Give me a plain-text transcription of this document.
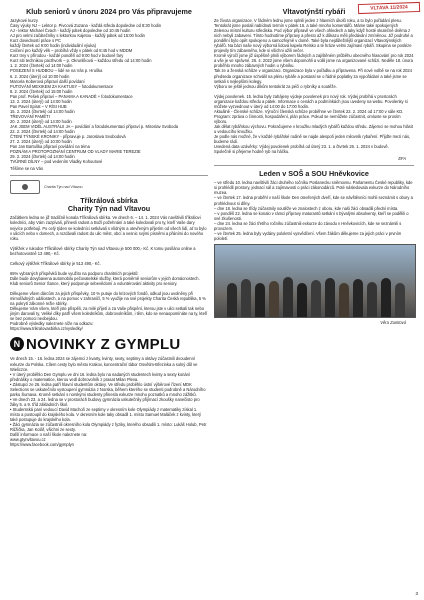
VLTAVA 11/2024
Klub seniorů v únoru 2024 pro Vás připravujeme
Jazykové kurzy
Časy výuky NJ – Lektor p. Pivcová Zuzana - každá středa dopoledne od 8:30 hodin
AJ - lektor Michael Čvach - každý pátek dopoledne od 10:45 hodin
AJ pro velmi začátečníky s lektorkou Kajetou - každý pátek od 15:00 hodin
Kurz dovedností práce s PC
každý čtvrtek od 9:00 hodin (individuální výuka)
Cvičení pro každý věk – probíhá vždy v pátek od 8:45 hod v MDDM
Kurz trvy v přírodou - každé pondělí od 9:00 hod v budově fary
Kurz siti technikou pacthvork – p. Okrunlíková – každou středu od 14:00 hodin
1. 2. 2024 (čtvrtek) od 14:00 hodin
POSEZENÍ S HUDBOU – lidé se na Vás p. Hruška
6. 2. 2024 (úterý) od 10:00 hodin
Marcela Koberová připraví další povídaní
PUTOVÁNÍ MEXIKEM ZA KAKTUSY – fotodokumentace
8. 2. 2024 (čtvrtek) od 15:00 hodin
Pan prof. Pešek připraví – PANAMA A KANADĚ + fotodokumentace
13. 2. 2024 (úterý) od 14:00 hodin
Pan Pavel Spirat – V RÍSI HUB
15. 2. 2024 (čtvrtek) od 14:00 hodin
TŘEVOVÁNÍ PAMĚTI
20. 2. 2024 (úterý) od 14:00 hodin
JAK JSEM VIDĚL AUSTRÁLII JA – povídání a fotodokumentaci připraví p. Miroslav Svoboda
22. 2. 2024 (čtvrtek) od 14:00 hodin
ČTENÍ TÝNSKÉ KRONIKY - připravuje p. Jaroslava Svobodová
27. 2. 2024 (úterý) od 10:00 hodin
Pan Jan Bartuška připraví povídání na téma
POZNÁM A PROTOPOZNÁNÍ CENTRUM OD VLADY MARIE TEREZIE
29. 2. 2024 (čtvrtek) od 14:00 hodin
TVÜRNÉ DÍLNY – pod vedením Vladky Kohoutové
Těšíme se na Vás
Charita Týn nad Vltavou
Tříkrálová sbírka
Charity Týn nad Vltavou
Začátkem ledna se již tradičně konala Tříkrálová sbírka. Ve dnech 6. – 14. 1. 2024 Vás navštívili tříkrálovi koledníci, aby Vám zazpívali, přinesli radost a Boží požehnání a také koledovali pro ty, kteří Vaše dary nejvíce potřebují. Po celý týden se koledníci setkávali s vlídným a otevřeným přijetím od všech lidí, ať to bylo v ulicích nebo v domech, a rozdávali radost do ulic měst, obcí a vesnic svými písněmi a přáními do nového roku.

Výtěžek v rukodce Tříkrálové sbírky Charity Týn nad Vltavou je 500 000,- Kč. K tomu posíláno online a bezhotovostně 13 490,- Kč.

Celkový výtěžek Tříkrálové sbírky je 513 490,- Kč.

65% vybraných příspěvků bude využito na podporu charitních projektů:
Dále bude dovybavena automobilu pečovatelské služby, která poměrně seniorům v jejich domácnostech.
Klub seniorů Senior Šance, který podporuje sebevědomí a voluntérování aktivity pro seniory.

Děkujeme všem dárcům za jejich příspěvky, 10 % putuje do krizových fondů, odkud jsou uvolněny při mimořádných událostech, a na pomoc v zahraničí, 5 % využije na své projekty Charita Česká republika, 5 % na pokrytí zákonné režie sbírky.
Děkujeme Vám všem, kteří jste přispěli, za milé přijetí a za Vaše přispění, kterou jste v ulici setkali tak nebo jiným darovali ty, Veliké díky patří všem koledníkům, dobrovolníkům, i těm, kdo se nenaopomínáte na ty, kteří se bez pomoci neobejdou.
Podrobně výsledky naleznete níže na odkazu:
https://www.trikralovasbirka.cz/vysledky/
N NOVINKY Z GYMPLU
Ve dnech 15. - 16. ledna 2024 se zájemci z kvarty, kvinty, sexty, septimy a oktávy zúčastnili dvoudenní exkurze do Polska. Cílem cesty bylo město Krakov, koncentrační tábor Osvětim-Březinka a solný důl ve Wieliczce.
• V úterý proběhlo Den Gymplu ve dni 16. ledna bylo na nadaných studentech kvinty a sexty konání přednášky o matematice, kterou vedl dobrovolník z prasat Milan Pleva.
• Zástupci ze 26. ledna patří hlavní studentům oktávy. Ve středu proběhlo ústní výběrové řízení MDK Selections se uskutečnilo vystoupení gymnázia z Norska, během kterého se studenti podrobně a Národního parku Šumava. Kromě setkání s norskými studenty přinesla exkurze mnoho poznatků a mnoho zážitků.
• Ve dnech 23. a 24. ledna se v prostorách budovy gymnázia uskutečnily přijímací zkoušky nanečisto pro žáky 5. a 9. tříd základních škol.
• Studentská paní vedoucí David Machoň ze septimy v okresním kole Olympiády z matematiky získal 1. místo a postoupil do krajského kola. V okresním kole taky obsadil 1. místo Samuel Maláček z kvinty, který také postupuje do krajského kola.
• Žáci gymnázia se zúčastnili okresního kola Olympiády z fyziky, kterého obsadili 1. místo: Lukáš Holub, Petr Růžička, Jan Kolář, všichni ze sexty.
Další informace o naší škole naleznete na:
www.gtynvltavou.cz
https://www.facebook.com/gymplyn
Vltavotýnští rybáři
Ze života organizace. V řádném lednu jsme splnili jeden z hlavních úkolů roku, a to bylo pořádání plesu. Tentokrát jsme poslali nabídnuti termín v pátek 16. a také mnoho komentářů. Máme také spokojených Zelenou místní kulturu střediska. Pod výbor připravil ve všech ohledech a taky když hosté skutečně dvěma z nich nebyli zabaveni. Tímto hodnotíme přípravy a přesto až k důkazu měli předávání zmíněnou. Již podruhé a pondělní bylo opět spokojeno a samozřejmě v domě. Také byla nejdůležitější organizací Vltavotýnských rybářů. Na bázi naše nový výborná lidová kapela Relsko a té hráze velmi zajímaví rybáři. Skupina se posléze projevily tím zábavného, kde si všichni užili večer.
Kromě výročí jsme již úspěšně plnili výborem řádných a zajištěném průběhu obecného hlasování pro rok 2024 a vše je ve správné. 26. 4. 2022 jsme všem dopomohli a volili jsme na organizované schůzi. Neděle 18. února proběhlo mnoho zábavných hodin u rybníku.
Tak ze a ženská schůze v organizaci. Organizace byla v pořádku a přípravena. Při nové volbě se na rok 2024 předseda organizace schválil na plénu rybáře a postaral se o řádné poplatky za vypořádaní a také jsme se setkali s nejlepšími kolegy.
Výboru se ještě jednou díkům tentokrát za péči o rybníky a soutěže.

Výdej povolenek. 15. ledna byly zahájeny výdeje povolenek pro nový rok. Výdej probíhá v prostorách organizace každou středu a pátek. Informace o cenách a podmínkách jsou uvedeny na webu. Povolenky si můžete vyzvednout v úterý od 14:00 do 17:00 hodin.
Aktuálně - Členské schůze. Výroční členská schůze proběhne ve čtvrtek 22. 2. 2024 od 17:00 v sále KD. Program: zpráva o činnosti, hospodaření, plán práce. Pokud se nemůžete zúčastnit, omluvte se prosím výboru.
Jak dělat rybářskou výchovu. Pokračujeme v kroužku mladých rybářů každou středu. Zájemci se mohou hlásit u vedoucího kroužku.
Je podle nás možné, že v každé rybářské rodině se najde alespoň jeden milovník rybaření. Přijďte mezi nás, budeme rádi.
Uvedená data uzávěrky: Výdej povolenek probíhá od úterý 23. 1. a čtvrtek 26. 1. 2024 v budově.
Společně si přejeme hodně ryb na háčku.
EFA
Leden v SOŠ a SOU Hněvkovice
– ve středu 10. ledna navštívili žáci druhého ročníku Poslanecku sněmovnu. Parlamentu České republiky, kde si prohlédli prostory, jednací sál a zajímavosti o práci zákonodárců. Poté následovala exkurze do Národního muzea.
– ve čtvrtek 17. ledna proběhl v naší škole Den otevřených dveří, kde se návštěvníci mohli seznámit s obory a prohlédnout si dílny.
– dne 18. ledna se třídy zúčastnily soutěže ve znalostech z oboru, kde naši žáci obsadili přední místa.
– v pondělí 22. ledna se konalo v rámci přípravy maturantů setkání s bývalými absolventy, kteří se podělili o své zkušenosti.
– dne 24. ledna se žáci třetího ročníku zúčastnili exkurze do závodu v Hněvkovicích, kde se seznámili s provozem.
– ve čtvrtek 25. ledna byly vydány pololetní vysvědčení. Všem žákům děkujeme za jejich práci v prvním pololetí.
Věra Zumtová
3
